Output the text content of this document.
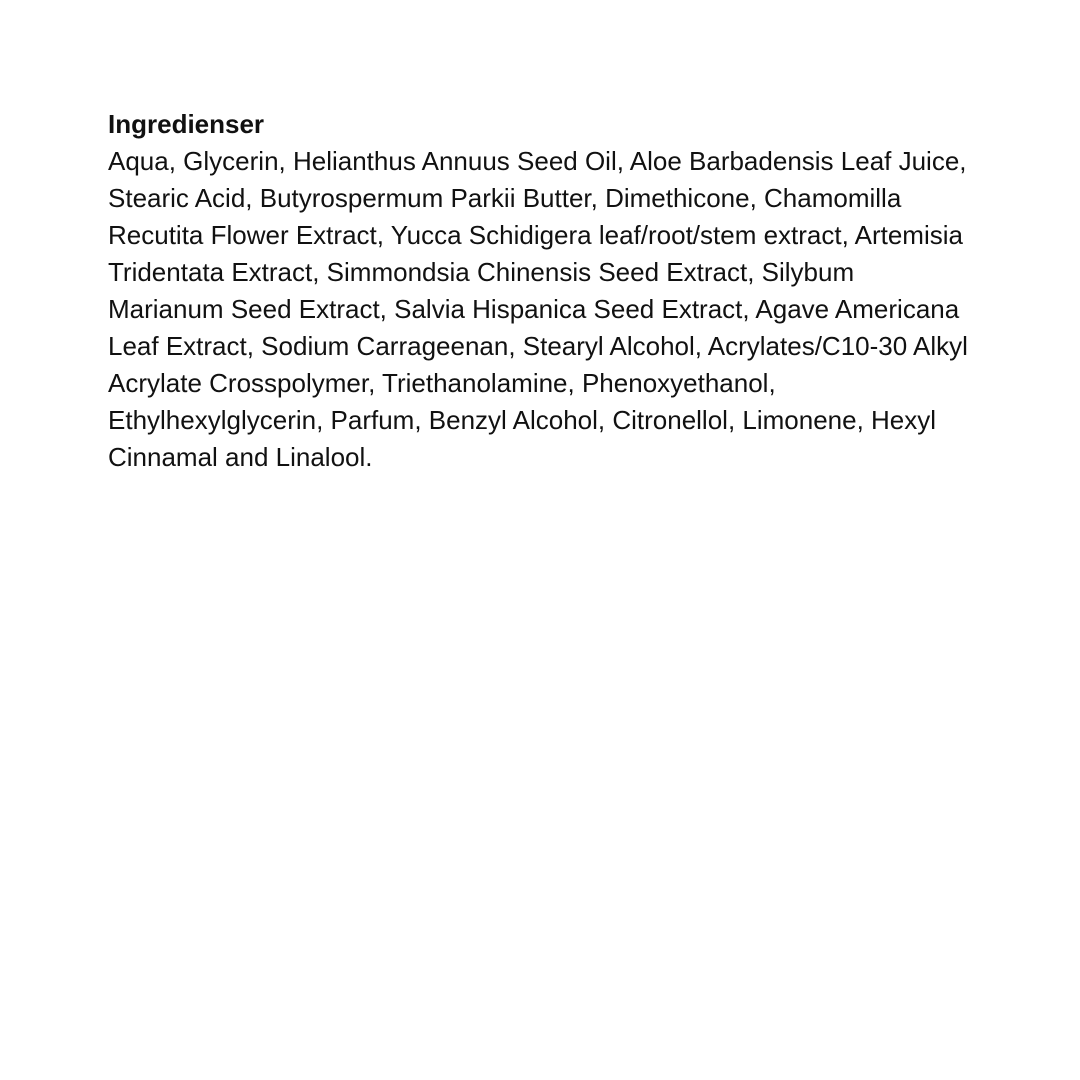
Ingredienser

Aqua, Glycerin, Helianthus Annuus Seed Oil, Aloe Barbadensis Leaf Juice, Stearic Acid, Butyrospermum Parkii Butter, Dimethicone, Chamomilla Recutita Flower Extract, Yucca Schidigera leaf/root/stem extract, Artemisia Tridentata Extract, Simmondsia Chinensis Seed Extract, Silybum Marianum Seed Extract, Salvia Hispanica Seed Extract, Agave Americana Leaf Extract, Sodium Carrageenan, Stearyl Alcohol, Acrylates/C10-30 Alkyl Acrylate Crosspolymer, Triethanolamine, Phenoxyethanol, Ethylhexylglycerin, Parfum, Benzyl Alcohol, Citronellol, Limonene, Hexyl Cinnamal and Linalool.
